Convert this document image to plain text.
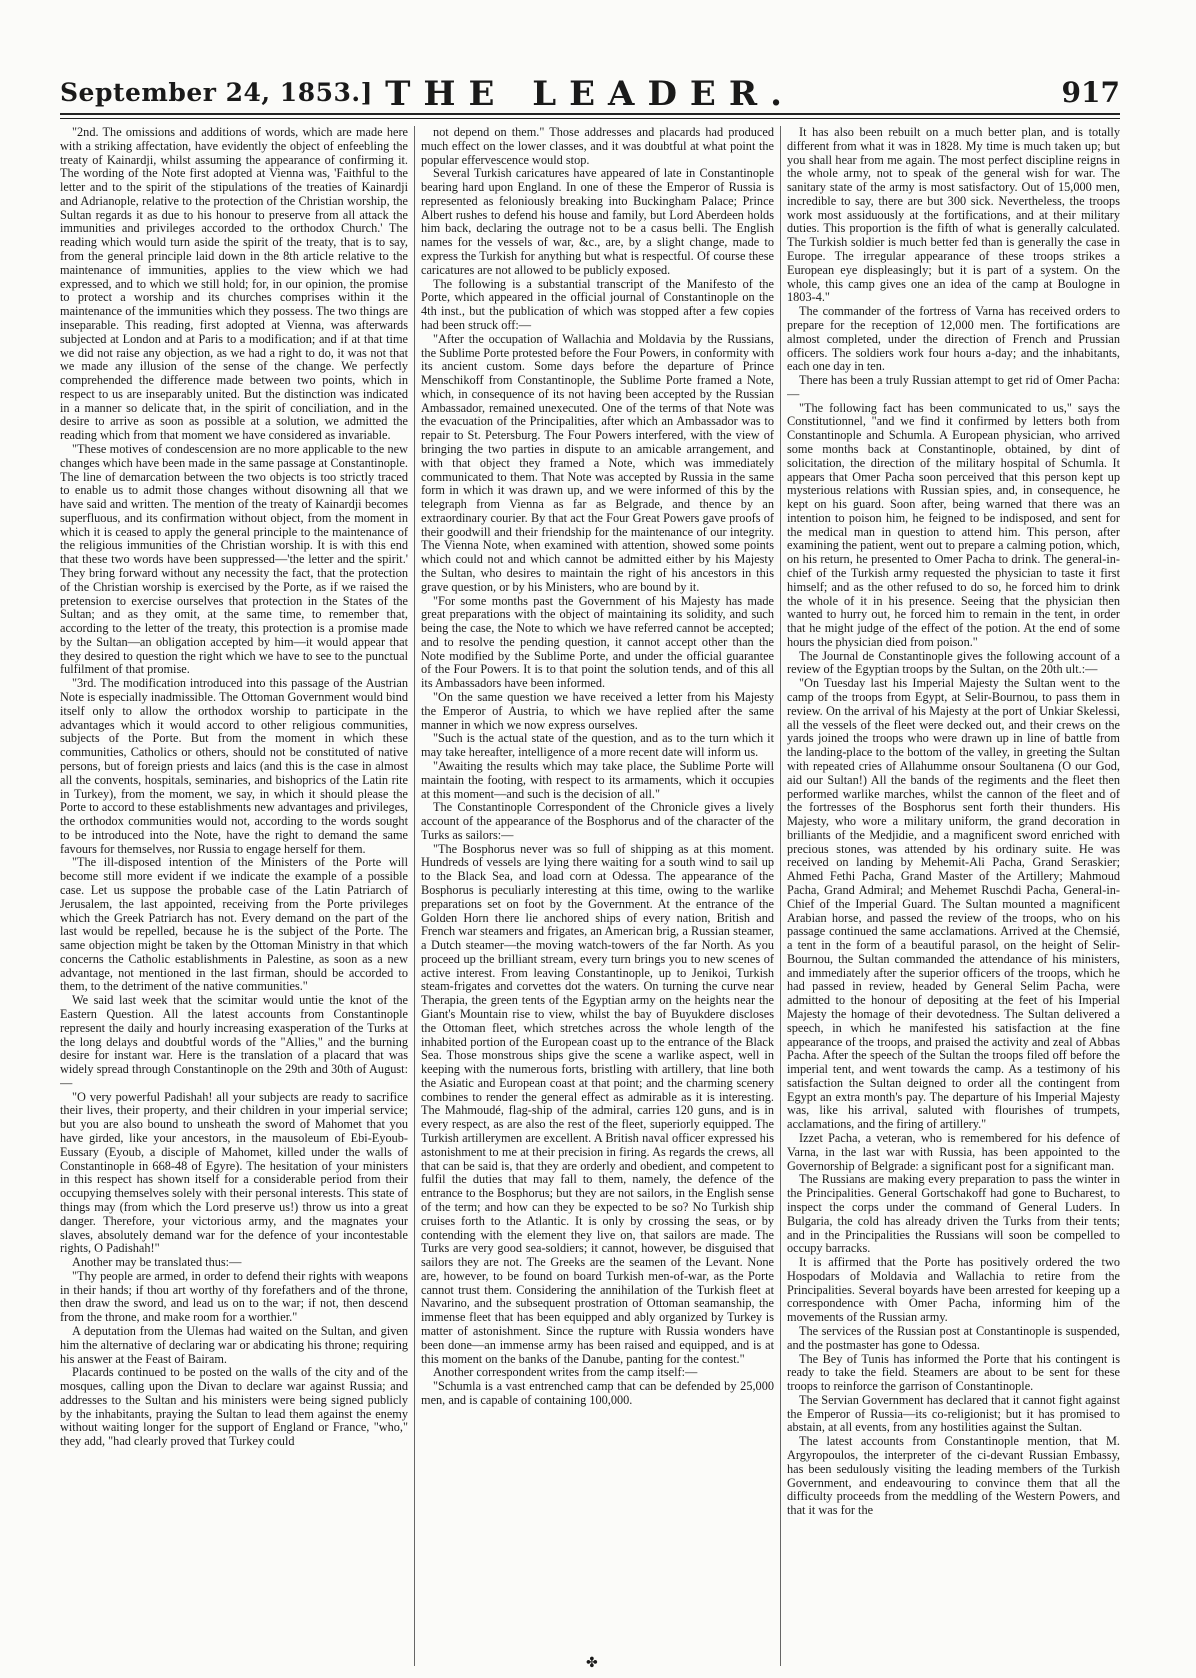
September 24, 1853.] THE LEADER.	917

"2nd. The omissions and additions of words, which are made here with a striking affectation, have evidently the object of enfeebling the treaty of Kainardji, whilst assuming the appearance of confirming it. The wording of the Note first adopted at Vienna was, 'Faithful to the letter and to the spirit of the stipulations of the treaties of Kainardji and Adrianople, relative to the protection of the Christian worship, the Sultan regards it as due to his honour to preserve from all attack the immunities and privileges accorded to the orthodox Church.' The reading which would turn aside the spirit of the treaty, that is to say, from the general principle laid down in the 8th article relative to the maintenance of immunities, applies to the view which we had expressed, and to which we still hold; for, in our opinion, the promise to protect a worship and its churches comprises within it the maintenance of the immunities which they possess. The two things are inseparable. This reading, first adopted at Vienna, was afterwards subjected at London and at Paris to a modification; and if at that time we did not raise any objection, as we had a right to do, it was not that we made any illusion of the sense of the change. We perfectly comprehended the difference made between two points, which in respect to us are inseparably united. But the distinction was indicated in a manner so delicate that, in the spirit of conciliation, and in the desire to arrive as soon as possible at a solution, we admitted the reading which from that moment we have considered as invariable.

"These motives of condescension are no more applicable to the new changes which have been made in the same passage at Constantinople. The line of demarcation between the two objects is too strictly traced to enable us to admit those changes without disowning all that we have said and written. The mention of the treaty of Kainardji becomes superfluous, and its confirmation without object, from the moment in which it is ceased to apply the general principle to the maintenance of the religious immunities of the Christian worship. It is with this end that these two words have been suppressed—'the letter and the spirit.' They bring forward without any necessity the fact, that the protection of the Christian worship is exercised by the Porte, as if we raised the pretension to exercise ourselves that protection in the States of the Sultan; and as they omit, at the same time, to remember that, according to the letter of the treaty, this protection is a promise made by the Sultan—an obligation accepted by him—it would appear that they desired to question the right which we have to see to the punctual fulfilment of that promise.

"3rd. The modification introduced into this passage of the Austrian Note is especially inadmissible. The Ottoman Government would bind itself only to allow the orthodox worship to participate in the advantages which it would accord to other religious communities, subjects of the Porte. But from the moment in which these communities, Catholics or others, should not be constituted of native persons, but of foreign priests and laics (and this is the case in almost all the convents, hospitals, seminaries, and bishoprics of the Latin rite in Turkey), from the moment, we say, in which it should please the Porte to accord to these establishments new advantages and privileges, the orthodox communities would not, according to the words sought to be introduced into the Note, have the right to demand the same favours for themselves, nor Russia to engage herself for them.

"The ill-disposed intention of the Ministers of the Porte will become still more evident if we indicate the example of a possible case. Let us suppose the probable case of the Latin Patriarch of Jerusalem, the last appointed, receiving from the Porte privileges which the Greek Patriarch has not. Every demand on the part of the last would be repelled, because he is the subject of the Porte. The same objection might be taken by the Ottoman Ministry in that which concerns the Catholic establishments in Palestine, as soon as a new advantage, not mentioned in the last firman, should be accorded to them, to the detriment of the native communities."

We said last week that the scimitar would untie the knot of the Eastern Question. All the latest accounts from Constantinople represent the daily and hourly increasing exasperation of the Turks at the long delays and doubtful words of the "Allies," and the burning desire for instant war. Here is the translation of a placard that was widely spread through Constantinople on the 29th and 30th of August:—

"O very powerful Padishah! all your subjects are ready to sacrifice their lives, their property, and their children in your imperial service; but you are also bound to unsheath the sword of Mahomet that you have girded, like your ancestors, in the mausoleum of Ebi-Eyoub-Eussary (Eyoub, a disciple of Mahomet, killed under the walls of Constantinople in 668-48 of Egyre). The hesitation of your ministers in this respect has shown itself for a considerable period from their occupying themselves solely with their personal interests. This state of things may (from which the Lord preserve us!) throw us into a great danger. Therefore, your victorious army, and the magnates your slaves, absolutely demand war for the defence of your incontestable rights, O Padishah!"

Another may be translated thus:—

"Thy people are armed, in order to defend their rights with weapons in their hands; if thou art worthy of thy forefathers and of the throne, then draw the sword, and lead us on to the war; if not, then descend from the throne, and make room for a worthier."

A deputation from the Ulemas had waited on the Sultan, and given him the alternative of declaring war or abdicating his throne; requiring his answer at the Feast of Bairam.

Placards continued to be posted on the walls of the city and of the mosques, calling upon the Divan to declare war against Russia; and addresses to the Sultan and his ministers were being signed publicly by the inhabitants, praying the Sultan to lead them against the enemy without waiting longer for the support of England or France, "who," they add, "had clearly proved that Turkey could

not depend on them." Those addresses and placards had produced much effect on the lower classes, and it was doubtful at what point the popular effervescence would stop.

Several Turkish caricatures have appeared of late in Constantinople bearing hard upon England. In one of these the Emperor of Russia is represented as feloniously breaking into Buckingham Palace; Prince Albert rushes to defend his house and family, but Lord Aberdeen holds him back, declaring the outrage not to be a casus belli. The English names for the vessels of war, &c., are, by a slight change, made to express the Turkish for anything but what is respectful. Of course these caricatures are not allowed to be publicly exposed.

The following is a substantial transcript of the Manifesto of the Porte, which appeared in the official journal of Constantinople on the 4th inst., but the publication of which was stopped after a few copies had been struck off:—

"After the occupation of Wallachia and Moldavia by the Russians, the Sublime Porte protested before the Four Powers, in conformity with its ancient custom. Some days before the departure of Prince Menschikoff from Constantinople, the Sublime Porte framed a Note, which, in consequence of its not having been accepted by the Russian Ambassador, remained unexecuted. One of the terms of that Note was the evacuation of the Principalities, after which an Ambassador was to repair to St. Petersburg. The Four Powers interfered, with the view of bringing the two parties in dispute to an amicable arrangement, and with that object they framed a Note, which was immediately communicated to them. That Note was accepted by Russia in the same form in which it was drawn up, and we were informed of this by the telegraph from Vienna as far as Belgrade, and thence by an extraordinary courier. By that act the Four Great Powers gave proofs of their goodwill and their friendship for the maintenance of our integrity. The Vienna Note, when examined with attention, showed some points which could not and which cannot be admitted either by his Majesty the Sultan, who desires to maintain the right of his ancestors in this grave question, or by his Ministers, who are bound by it.

"For some months past the Government of his Majesty has made great preparations with the object of maintaining its solidity, and such being the case, the Note to which we have referred cannot be accepted; and to resolve the pending question, it cannot accept other than the Note modified by the Sublime Porte, and under the official guarantee of the Four Powers. It is to that point the solution tends, and of this all its Ambassadors have been informed.

"On the same question we have received a letter from his Majesty the Emperor of Austria, to which we have replied after the same manner in which we now express ourselves.

"Such is the actual state of the question, and as to the turn which it may take hereafter, intelligence of a more recent date will inform us.

"Awaiting the results which may take place, the Sublime Porte will maintain the footing, with respect to its armaments, which it occupies at this moment—and such is the decision of all."

The Constantinople Correspondent of the Chronicle gives a lively account of the appearance of the Bosphorus and of the character of the Turks as sailors:—

"The Bosphorus never was so full of shipping as at this moment. Hundreds of vessels are lying there waiting for a south wind to sail up to the Black Sea, and load corn at Odessa. The appearance of the Bosphorus is peculiarly interesting at this time, owing to the warlike preparations set on foot by the Government. At the entrance of the Golden Horn there lie anchored ships of every nation, British and French war steamers and frigates, an American brig, a Russian steamer, a Dutch steamer—the moving watch-towers of the far North. As you proceed up the brilliant stream, every turn brings you to new scenes of active interest. From leaving Constantinople, up to Jenikoi, Turkish steam-frigates and corvettes dot the waters. On turning the curve near Therapia, the green tents of the Egyptian army on the heights near the Giant's Mountain rise to view, whilst the bay of Buyukdere discloses the Ottoman fleet, which stretches across the whole length of the inhabited portion of the European coast up to the entrance of the Black Sea. Those monstrous ships give the scene a warlike aspect, well in keeping with the numerous forts, bristling with artillery, that line both the Asiatic and European coast at that point; and the charming scenery combines to render the general effect as admirable as it is interesting. The Mahmoudé, flag-ship of the admiral, carries 120 guns, and is in every respect, as are also the rest of the fleet, superiorly equipped. The Turkish artillerymen are excellent. A British naval officer expressed his astonishment to me at their precision in firing. As regards the crews, all that can be said is, that they are orderly and obedient, and competent to fulfil the duties that may fall to them, namely, the defence of the entrance to the Bosphorus; but they are not sailors, in the English sense of the term; and how can they be expected to be so? No Turkish ship cruises forth to the Atlantic. It is only by crossing the seas, or by contending with the element they live on, that sailors are made. The Turks are very good sea-soldiers; it cannot, however, be disguised that sailors they are not. The Greeks are the seamen of the Levant. None are, however, to be found on board Turkish men-of-war, as the Porte cannot trust them. Considering the annihilation of the Turkish fleet at Navarino, and the subsequent prostration of Ottoman seamanship, the immense fleet that has been equipped and ably organized by Turkey is matter of astonishment. Since the rupture with Russia wonders have been done—an immense army has been raised and equipped, and is at this moment on the banks of the Danube, panting for the contest."

Another correspondent writes from the camp itself:—

"Schumla is a vast entrenched camp that can be defended by 25,000 men, and is capable of containing 100,000.

It has also been rebuilt on a much better plan, and is totally different from what it was in 1828. My time is much taken up; but you shall hear from me again. The most perfect discipline reigns in the whole army, not to speak of the general wish for war. The sanitary state of the army is most satisfactory. Out of 15,000 men, incredible to say, there are but 300 sick. Nevertheless, the troops work most assiduously at the fortifications, and at their military duties. This proportion is the fifth of what is generally calculated. The Turkish soldier is much better fed than is generally the case in Europe. The irregular appearance of these troops strikes a European eye displeasingly; but it is part of a system. On the whole, this camp gives one an idea of the camp at Boulogne in 1803-4."

The commander of the fortress of Varna has received orders to prepare for the reception of 12,000 men. The fortifications are almost completed, under the direction of French and Prussian officers. The soldiers work four hours a-day; and the inhabitants, each one day in ten.

There has been a truly Russian attempt to get rid of Omer Pacha:—

"The following fact has been communicated to us," says the Constitutionnel, "and we find it confirmed by letters both from Constantinople and Schumla. A European physician, who arrived some months back at Constantinople, obtained, by dint of solicitation, the direction of the military hospital of Schumla. It appears that Omer Pacha soon perceived that this person kept up mysterious relations with Russian spies, and, in consequence, he kept on his guard. Soon after, being warned that there was an intention to poison him, he feigned to be indisposed, and sent for the medical man in question to attend him. This person, after examining the patient, went out to prepare a calming potion, which, on his return, he presented to Omer Pacha to drink. The general-in-chief of the Turkish army requested the physician to taste it first himself; and as the other refused to do so, he forced him to drink the whole of it in his presence. Seeing that the physician then wanted to hurry out, he forced him to remain in the tent, in order that he might judge of the effect of the potion. At the end of some hours the physician died from poison."

The Journal de Constantinople gives the following account of a review of the Egyptian troops by the Sultan, on the 20th ult.:—

"On Tuesday last his Imperial Majesty the Sultan went to the camp of the troops from Egypt, at Selir-Bournou, to pass them in review. On the arrival of his Majesty at the port of Unkiar Skelessi, all the vessels of the fleet were decked out, and their crews on the yards joined the troops who were drawn up in line of battle from the landing-place to the bottom of the valley, in greeting the Sultan with repeated cries of Allahumme onsour Soultanena (O our God, aid our Sultan!) All the bands of the regiments and the fleet then performed warlike marches, whilst the cannon of the fleet and of the fortresses of the Bosphorus sent forth their thunders. His Majesty, who wore a military uniform, the grand decoration in brilliants of the Medjidie, and a magnificent sword enriched with precious stones, was attended by his ordinary suite. He was received on landing by Mehemit-Ali Pacha, Grand Seraskier; Ahmed Fethi Pacha, Grand Master of the Artillery; Mahmoud Pacha, Grand Admiral; and Mehemet Ruschdi Pacha, General-in-Chief of the Imperial Guard. The Sultan mounted a magnificent Arabian horse, and passed the review of the troops, who on his passage continued the same acclamations. Arrived at the Chemsié, a tent in the form of a beautiful parasol, on the height of Selir-Bournou, the Sultan commanded the attendance of his ministers, and immediately after the superior officers of the troops, which he had passed in review, headed by General Selim Pacha, were admitted to the honour of depositing at the feet of his Imperial Majesty the homage of their devotedness. The Sultan delivered a speech, in which he manifested his satisfaction at the fine appearance of the troops, and praised the activity and zeal of Abbas Pacha. After the speech of the Sultan the troops filed off before the imperial tent, and went towards the camp. As a testimony of his satisfaction the Sultan deigned to order all the contingent from Egypt an extra month's pay. The departure of his Imperial Majesty was, like his arrival, saluted with flourishes of trumpets, acclamations, and the firing of artillery."

Izzet Pacha, a veteran, who is remembered for his defence of Varna, in the last war with Russia, has been appointed to the Governorship of Belgrade: a significant post for a significant man.

The Russians are making every preparation to pass the winter in the Principalities. General Gortschakoff had gone to Bucharest, to inspect the corps under the command of General Luders. In Bulgaria, the cold has already driven the Turks from their tents; and in the Principalities the Russians will soon be compelled to occupy barracks.

It is affirmed that the Porte has positively ordered the two Hospodars of Moldavia and Wallachia to retire from the Principalities. Several boyards have been arrested for keeping up a correspondence with Omer Pacha, informing him of the movements of the Russian army.

The services of the Russian post at Constantinople is suspended, and the postmaster has gone to Odessa.

The Bey of Tunis has informed the Porte that his contingent is ready to take the field. Steamers are about to be sent for these troops to reinforce the garrison of Constantinople.

The Servian Government has declared that it cannot fight against the Emperor of Russia—its co-religionist; but it has promised to abstain, at all events, from any hostilities against the Sultan.

The latest accounts from Constantinople mention, that M. Argyropoulos, the interpreter of the ci-devant Russian Embassy, has been sedulously visiting the leading members of the Turkish Government, and endeavouring to convince them that all the difficulty proceeds from the meddling of the Western Powers, and that it was for the

✤
